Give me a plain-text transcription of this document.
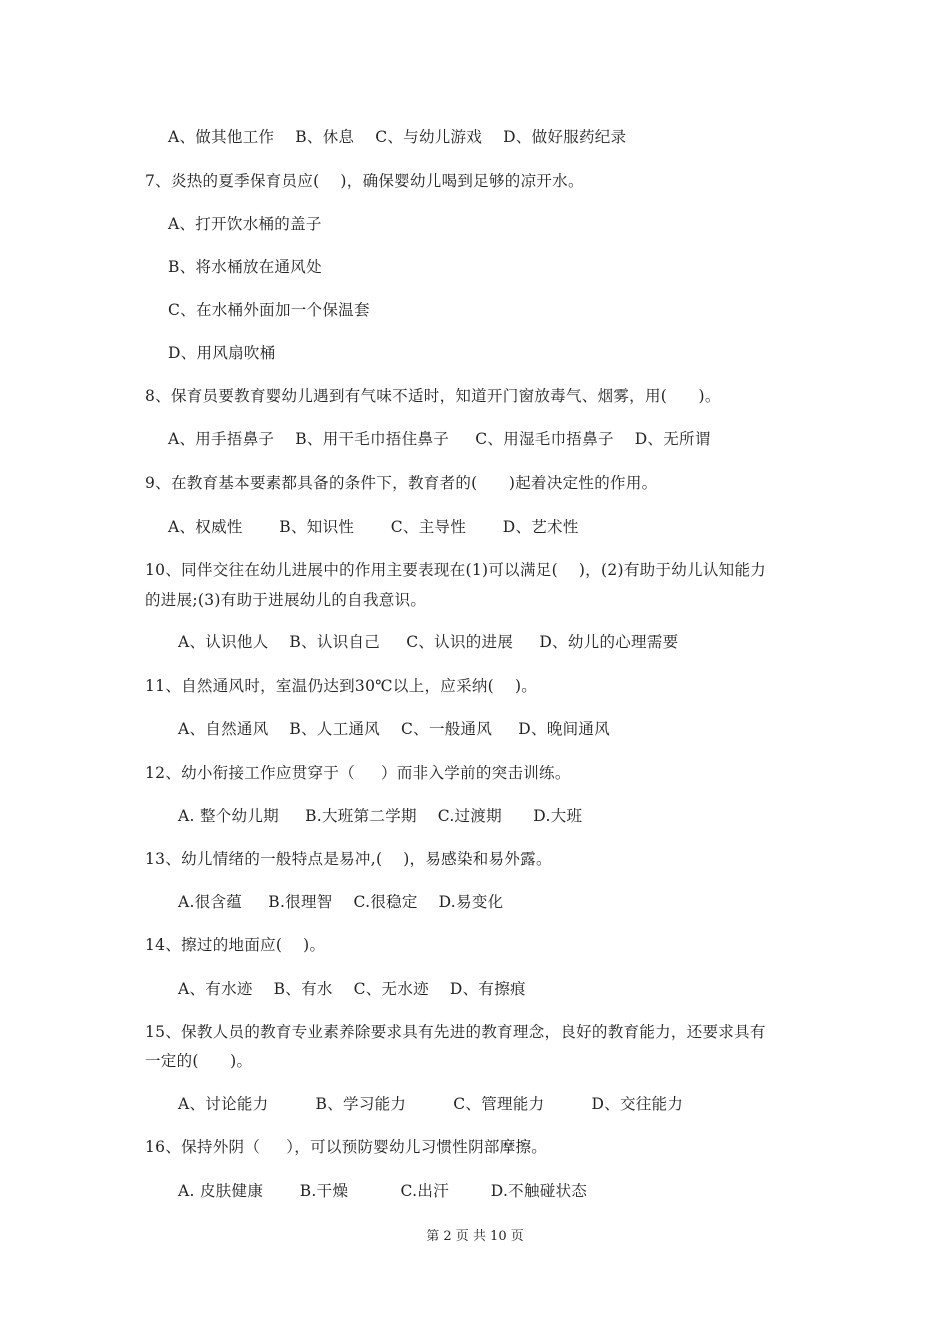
A、做其他工作    B、休息    C、与幼儿游戏    D、做好服药纪录
7、炎热的夏季保育员应(    )，确保婴幼儿喝到足够的凉开水。
A、打开饮水桶的盖子
B、将水桶放在通风处
C、在水桶外面加一个保温套
D、用风扇吹桶
8、保育员要教育婴幼儿遇到有气味不适时，知道开门窗放毒气、烟雾，用(      )。
A、用手捂鼻子    B、用干毛巾捂住鼻子     C、用湿毛巾捂鼻子    D、无所谓
9、在教育基本要素都具备的条件下，教育者的(      )起着决定性的作用。
A、权威性       B、知识性       C、主导性       D、艺术性
10、同伴交往在幼儿进展中的作用主要表现在(1)可以满足(    )，(2)有助于幼儿认知能力
的进展;(3)有助于进展幼儿的自我意识。
A、认识他人    B、认识自己     C、认识的进展     D、幼儿的心理需要
11、自然通风时，室温仍达到30℃以上，应采纳(    )。
A、自然通风    B、人工通风    C、一般通风     D、晚间通风
12、幼小衔接工作应贯穿于（     ）而非入学前的突击训练。
A. 整个幼儿期     B.大班第二学期    C.过渡期      D.大班
13、幼儿情绪的一般特点是易冲,(    )，易感染和易外露。
A.很含蕴     B.很理智    C.很稳定    D.易变化
14、擦过的地面应(    )。
A、有水迹    B、有水    C、无水迹    D、有擦痕
15、保教人员的教育专业素养除要求具有先进的教育理念，良好的教育能力，还要求具有
一定的(      )。
A、讨论能力         B、学习能力         C、管理能力         D、交往能力
16、保持外阴（     ），可以预防婴幼儿习惯性阴部摩擦。
A. 皮肤健康       B.干燥          C.出汗        D.不触碰状态
第 2 页 共 10 页
